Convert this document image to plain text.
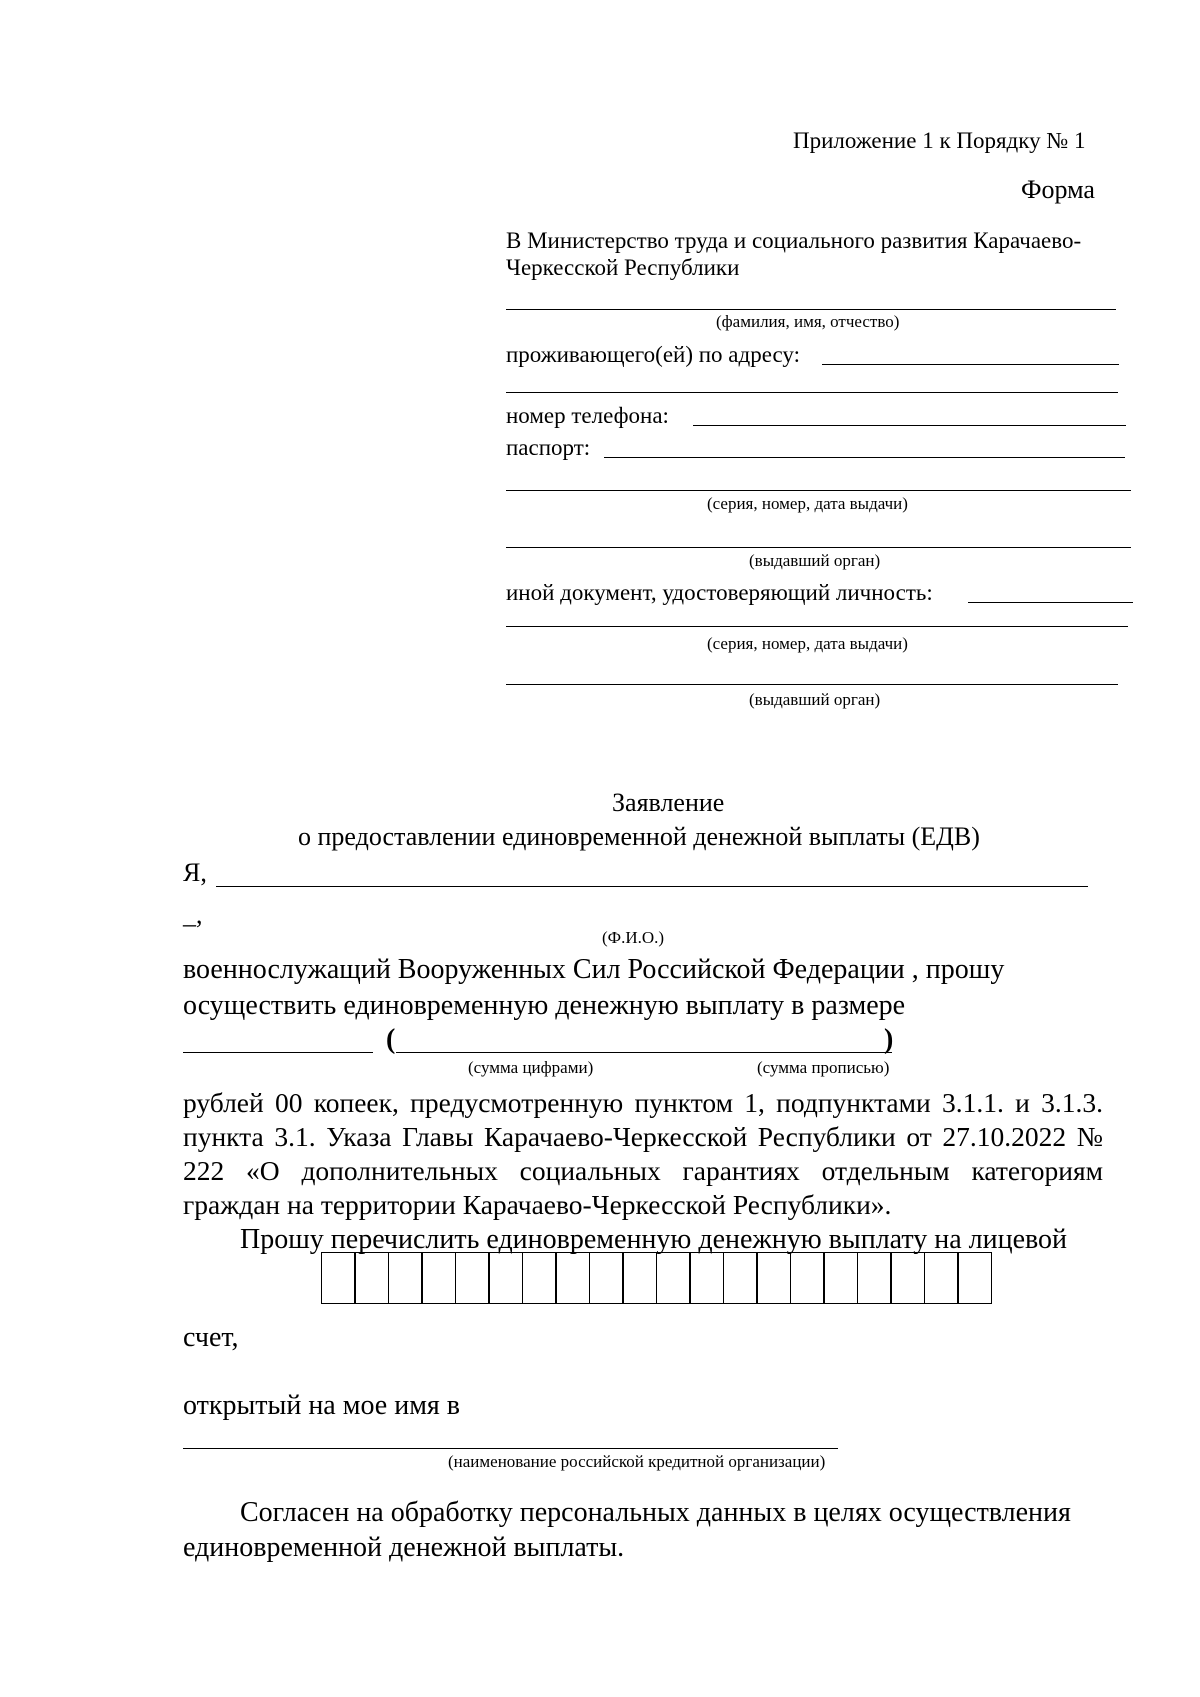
Приложение 1 к Порядку № 1
Форма
В Министерство труда и социального развития Карачаево-
Черкесской Республики
(фамилия, имя, отчество)
проживающего(ей) по адресу:
номер телефона:
паспорт:
(серия, номер, дата выдачи)
(выдавший орган)
иной документ, удостоверяющий личность:
(серия, номер, дата выдачи)
(выдавший орган)
Заявление
о предоставлении единовременной денежной выплаты (ЕДВ)
Я,
_,
(Ф.И.О.)
военнослужащий Вооруженных Сил Российской Федерации , прошу
осуществить единовременную денежную выплату в размере
(	)
(сумма цифрами)	(сумма прописью)
рублей 00 копеек, предусмотренную пунктом 1, подпунктами 3.1.1. и 3.1.3.
пункта 3.1. Указа Главы Карачаево-Черкесской Республики от 27.10.2022 №
222 «О дополнительных социальных гарантиях отдельным категориям
граждан на территории Карачаево-Черкесской Республики».
Прошу перечислить единовременную денежную выплату на лицевой
счет,
открытый на мое имя в
(наименование российской кредитной организации)
Согласен на обработку персональных данных в целях осуществления
единовременной денежной выплаты.
